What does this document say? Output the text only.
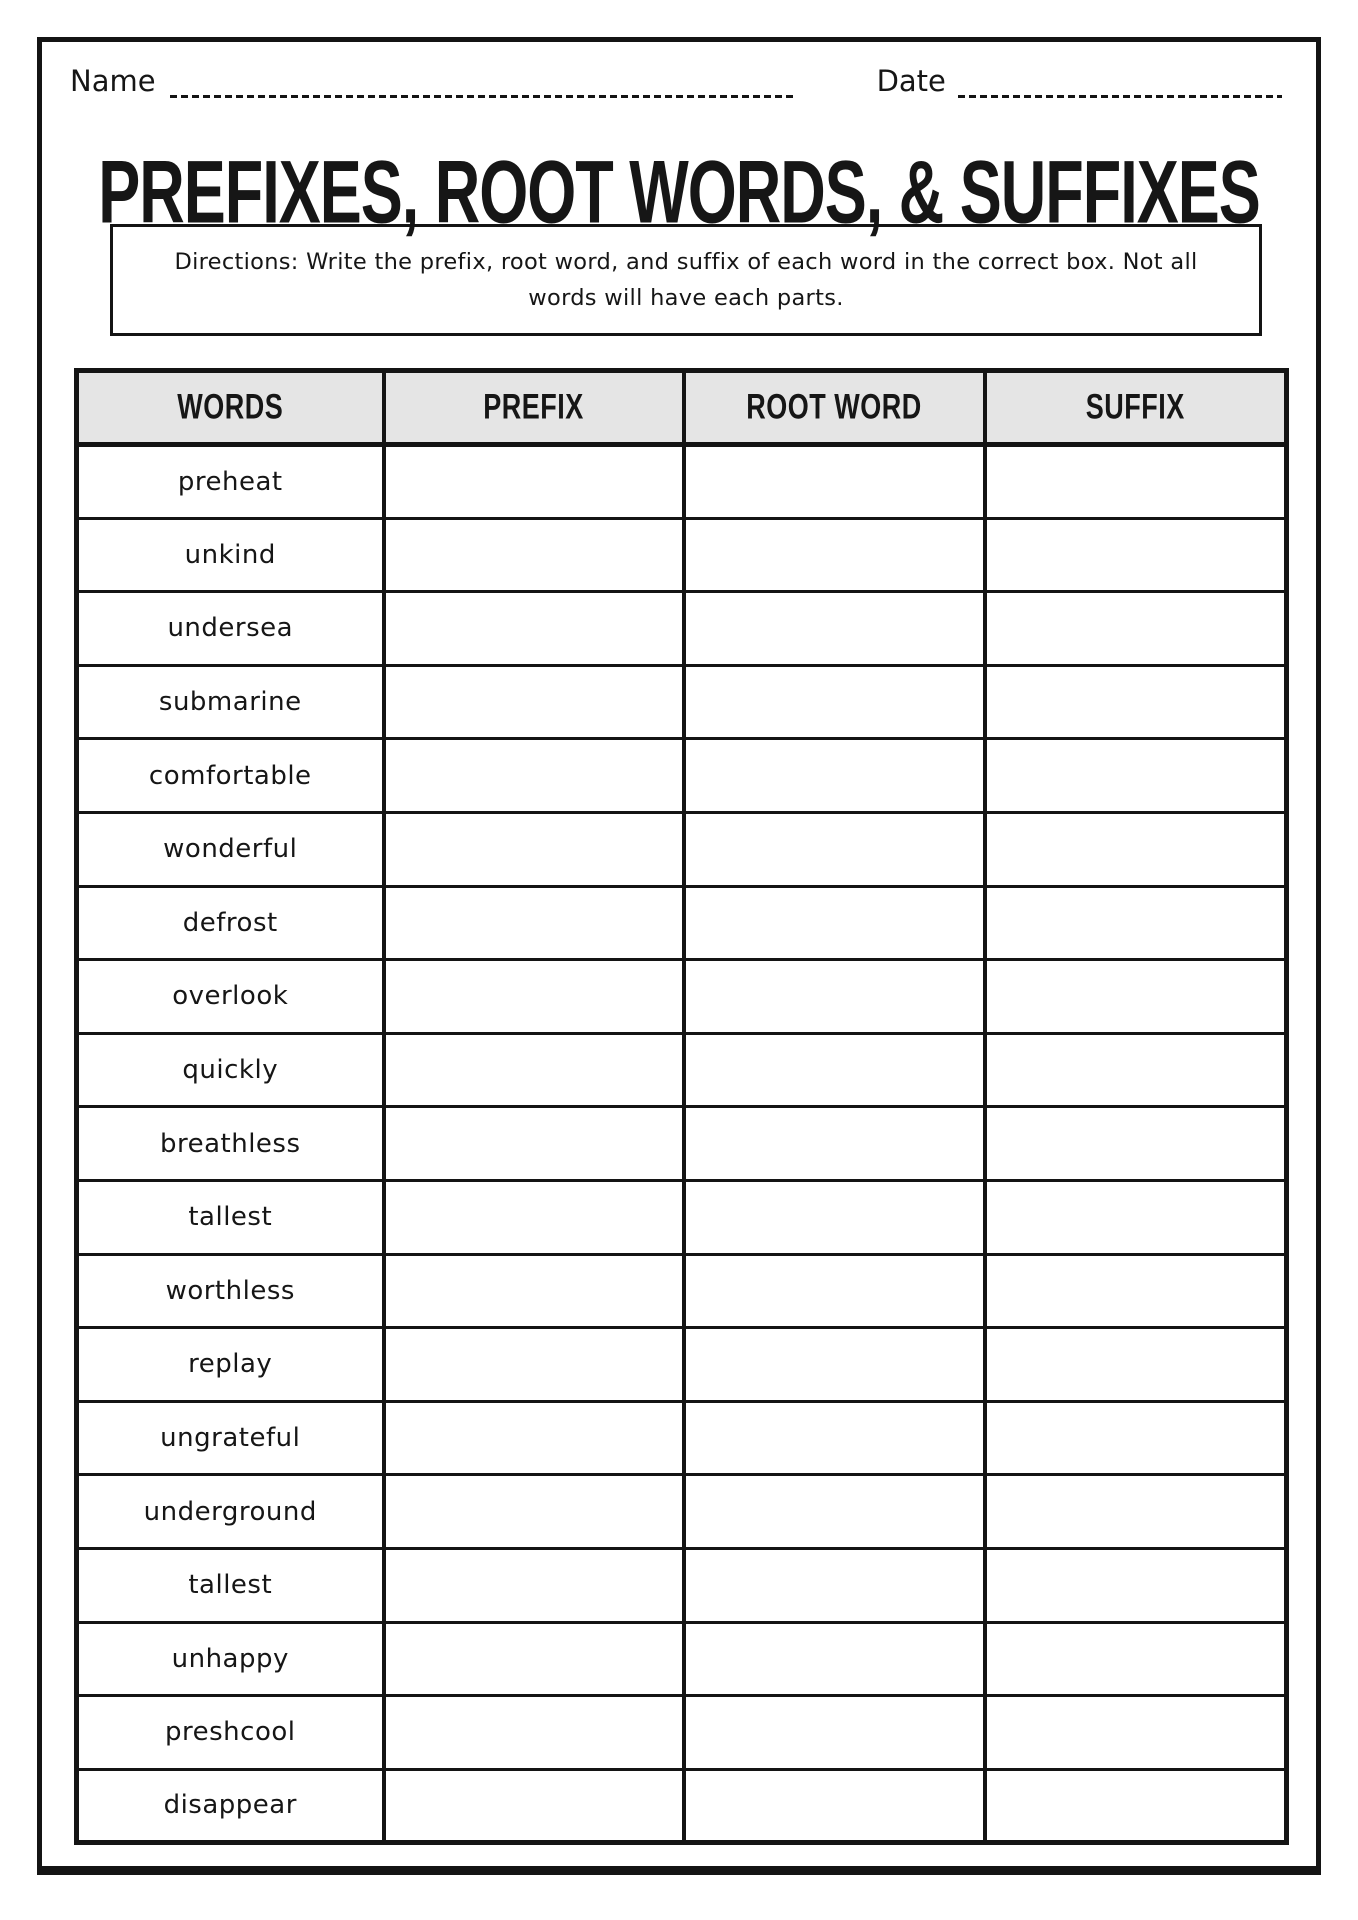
Name	Date
PREFIXES, ROOT WORDS, & SUFFIXES
Directions: Write the prefix, root word, and suffix of each word in the correct box. Not all
words will have each parts.
WORDS	PREFIX	ROOT WORD	SUFFIX
preheat			
unkind			
undersea			
submarine			
comfortable			
wonderful			
defrost			
overlook			
quickly			
breathless			
tallest			
worthless			
replay			
ungrateful			
underground			
tallest			
unhappy			
preshcool			
disappear			
